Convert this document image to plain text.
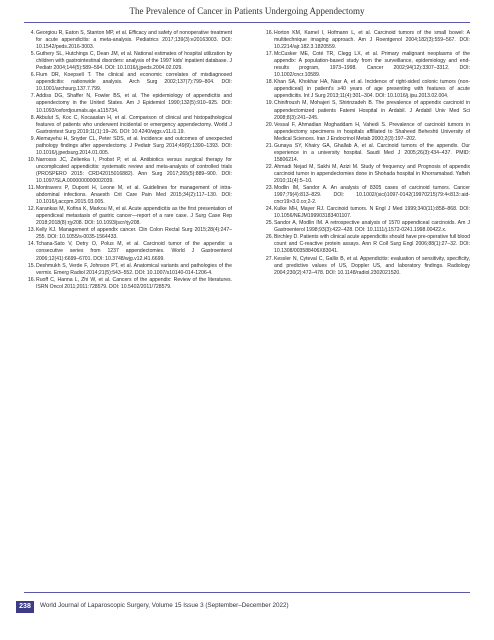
The Prevalence of Cancer in Patients Undergoing Appendectomy

4. Georgiou R, Eaton S, Stanton MP, et al. Efficacy and safety of nonoperative treatment for acute appendicitis: a meta-analysis. Pediatrics 2017;139(3):e20163003. DOI: 10.1542/peds.2016-3003.

5. Guthery SL, Hutchings C, Dean JM, et al. National estimates of hospital utilization by children with gastrointestinal disorders: analysis of the 1997 kids' inpatient database. J Pediatr 2004;144(5):589–594. DOI: 10.1016/j.jpeds.2004.02.029.

6. Flum DR, Koepsell T. The clinical and economic correlates of misdiagnosed appendicitis: nationwide analysis. Arch Surg 2002;137(7):799–804. DOI: 10.1001/archsurg.137.7.799.

7. Addiss DG, Shaffer N, Fowler BS, et al. The epidemiology of appendicitis and appendectomy in the United States. Am J Epidemiol 1990;132(5):910–925. DOI: 10.1093/oxfordjournals.aje.a115734.

8. Akbulut S, Koc C, Kocaaslan H, et al. Comparison of clinical and histopathological features of patients who underwent incidental or emergency appendectomy. World J Gastrointest Surg 2019;11(1):19–26. DOI: 10.4240/wjgs.v11.i1.19.

9. Alemayehu H, Snyder CL, Peter SDS, et al. Incidence and outcomes of unexpected pathology findings after appendectomy. J Pediatr Surg 2014;49(9):1390–1393. DOI: 10.1016/j.jpedsurg.2014.01.005.

10. Narrosss JC, Zelienka I, Probst P, et al. Antibiotics versus surgical therapy for uncomplicated appendicitis: systematic review and meta-analysis of controlled trials (PROSPERO 2015: CRD42015016882). Ann Surg 2017;265(5):889–900. DOI: 10.1097/SLA.0000000000002039.

11. Montravers P, Dupont H, Leone M, et al. Guidelines for management of intra-abdominal infections. Anaesth Crit Care Pain Med 2015;34(2):117–130. DOI: 10.1016/j.accpm.2015.03.005.

12. Karankas M, Kofina K, Markou M, et al. Acute appendicitis as the first presentation of appendiceal metastasis of gastric cancer—report of a rare case. J Surg Case Rep 2018;2018(8):rjy208. DOI: 10.1093/jscr/rjy208.

13. Kelly KJ. Management of appendix cancer. Clin Colon Rectal Surg 2015;28(4):247–255. DOI: 10.1055/s-0035-1564433.

14. Tchana-Sato V, Detry O, Polus M, et al. Carcinoid tumor of the appendix: a consecutive series from 1237 appendectomies. World J Gastroenterol 2006;12(41):6699–6701. DOI: 10.3748/wjg.v12.i41.6699.

15. Deshmukh S, Verde F, Johnson PT, et al. Anatomical variants and pathologies of the vermix. Emerg Radiol 2014;21(5):543–552. DOI: 10.1007/s10140-014-1206-4.

16. Ruoff C, Hanna L, Zhi W, et al. Cancers of the appendix: Review of the literatures. ISRN Oncol 2011;2011:728579. DOI: 10.5402/2011/728579.

16. Horton KM, Kamel I, Hofmann L, et al. Carcinoid tumors of the small bowel: A multitechnique imaging approach. Am J Roentgenol 2004;182(3):559–567. DOI: 10.2214/ajr.182.3.1820559.

17. McCusker ME, Coté TR, Clegg LX, et al. Primary malignant neoplasms of the appendix: A population-based study from the surveillance, epidemiology and end-results program, 1973–1998. Cancer 2002;94(12):3307–3312. DOI: 10.1002/cncr.10589.

18. Khan SA, Khokhar HA, Nasr A, et al. Incidence of right-sided colonic tumors (non-appendiceal) in patient's ≥40 years of age presenting with features of acute appendicitis. Int J Surg 2013;11(4):301–304. DOI: 10.1016/j.ijsu.2013.02.004.

19. Chinifroush M, Mohajeri S, Shirinzadeh B. The prevalence of appendix carcinoid in appendectomized patients Fatemi Hospital in Ardabil. J Ardabil Univ Med Sci 2008;8(3):241–245.

20. Vessal F, Ahmadian Moghaddam H, Vahedi S. Prevalence of carcinoid tumors in appendectomy specimens in hospitals affiliated to Shaheed Beheshti University of Medical Sciences. Iran J Endocrinol Metab 2000;2(3):197–202.

21. Gunaya SY, Khairy GA, Ghallab A, et al. Carcinoid tumors of the appendix. Our experience in a university hospital. Saudi Med J 2005;26(3):434–437. PMID: 15806214.

22. Ahmadi Nejad M, Sakhi M, Azizi M. Study of frequency and Prognosis of appendix carcinoid tumor in appendectomies done in Shohada hospital in Khorramabad. Yafteh 2010;11(4):5–10.

23. Modlin IM, Sandor A. An analysis of 8305 cases of carcinoid tumors. Cancer 1997;79(4):813–829. DOI: 10.1002/(sici)1097-0142(19970215)79:4<813::aid-cncr19>3.0.co;2-2.

24. Kulke MH, Mayer RJ. Carcinoid tumors. N Engl J Med 1999;340(11):858–868. DOI: 10.1056/NEJM199903183401107.

25. Sandor A, Modlin IM. A retrospective analysis of 1570 appendiceal carcinoids. Am J Gastroenterol 1998;93(3):422–428. DOI: 10.1111/j.1572-0241.1998.00422.x.

26. Birchley D. Patients with clinical acute appendicitis should have pre-operative full blood count and C-reactive protein assays. Ann R Coll Surg Engl 2006;88(1):27–32. DOI: 10.1308/003588406X83041.

27. Kessler N, Cyteval C, Gallix B, et al. Appendicitis: evaluation of sensitivity, specificity, and predictive values of US, Doppler US, and laboratory findings. Radiology 2004;230(2):472–478. DOI: 10.1148/radiol.2302021520.

238	World Journal of Laparoscopic Surgery, Volume 15 Issue 3 (September–December 2022)
